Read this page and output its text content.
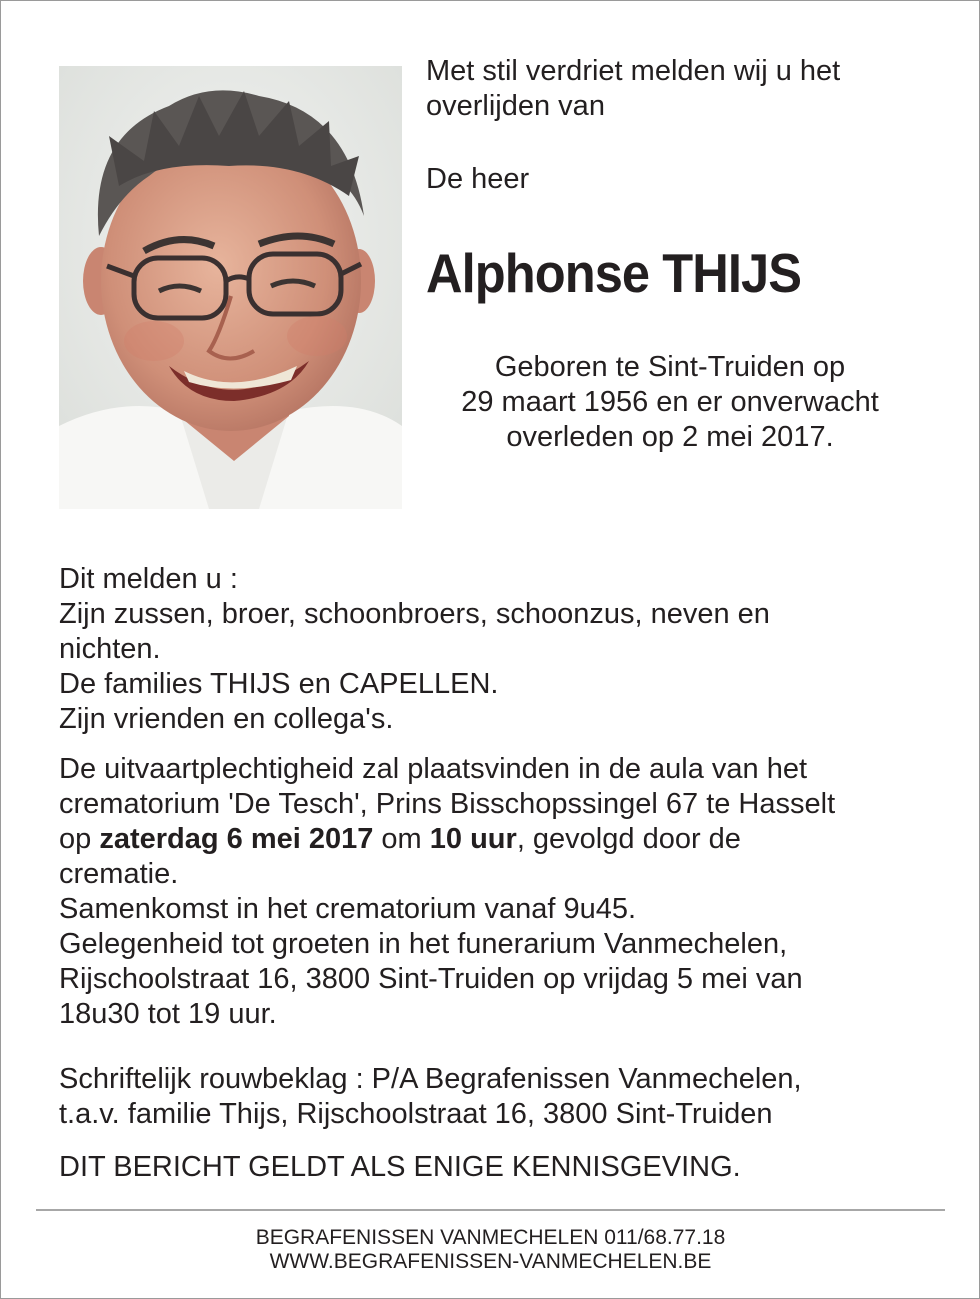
Met stil verdriet melden wij u het

overlijden van

De heer
Alphonse THIJS

Geboren te Sint-Truiden op

29 maart 1956 en er onverwacht

overleden op 2 mei 2017.

Dit melden u :

Zijn zussen, broer, schoonbroers, schoonzus, neven en

nichten.

De families THIJS en CAPELLEN.

Zijn vrienden en collega's.

De uitvaartplechtigheid zal plaatsvinden in de aula van het

crematorium 'De Tesch', Prins Bisschopssingel 67 te Hasselt

op zaterdag 6 mei 2017 om 10 uur, gevolgd door de

crematie.

Samenkomst in het crematorium vanaf 9u45.

Gelegenheid tot groeten in het funerarium Vanmechelen,

Rijschoolstraat 16, 3800 Sint-Truiden op vrijdag 5 mei van

18u30 tot 19 uur.

Schriftelijk rouwbeklag : P/A Begrafenissen Vanmechelen,

t.a.v. familie Thijs, Rijschoolstraat 16, 3800 Sint-Truiden

DIT BERICHT GELDT ALS ENIGE KENNISGEVING.

BEGRAFENISSEN VANMECHELEN 011/68.77.18

WWW.BEGRAFENISSEN-VANMECHELEN.BE
